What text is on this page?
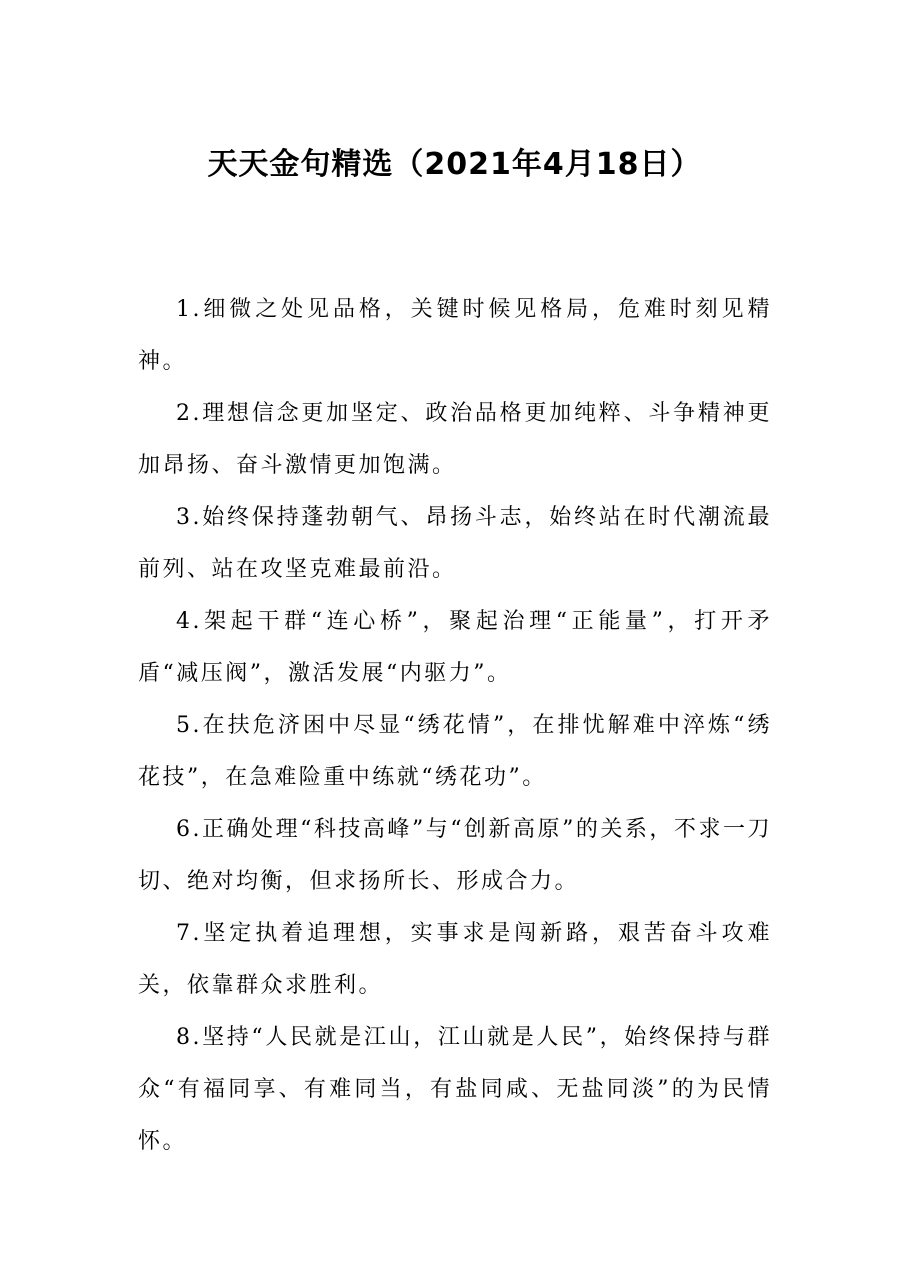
天天金句精选（2021年4月18日）

1.细微之处见品格，关键时候见格局，危难时刻见精神。

2.理想信念更加坚定、政治品格更加纯粹、斗争精神更加昂扬、奋斗激情更加饱满。

3.始终保持蓬勃朝气、昂扬斗志，始终站在时代潮流最前列、站在攻坚克难最前沿。

4.架起干群“连心桥”，聚起治理“正能量”，打开矛盾“减压阀”，激活发展“内驱力”。

5.在扶危济困中尽显“绣花情”，在排忧解难中淬炼“绣花技”，在急难险重中练就“绣花功”。

6.正确处理“科技高峰”与“创新高原”的关系，不求一刀切、绝对均衡，但求扬所长、形成合力。

7.坚定执着追理想，实事求是闯新路，艰苦奋斗攻难关，依靠群众求胜利。

8.坚持“人民就是江山，江山就是人民”，始终保持与群众“有福同享、有难同当，有盐同咸、无盐同淡”的为民情怀。
